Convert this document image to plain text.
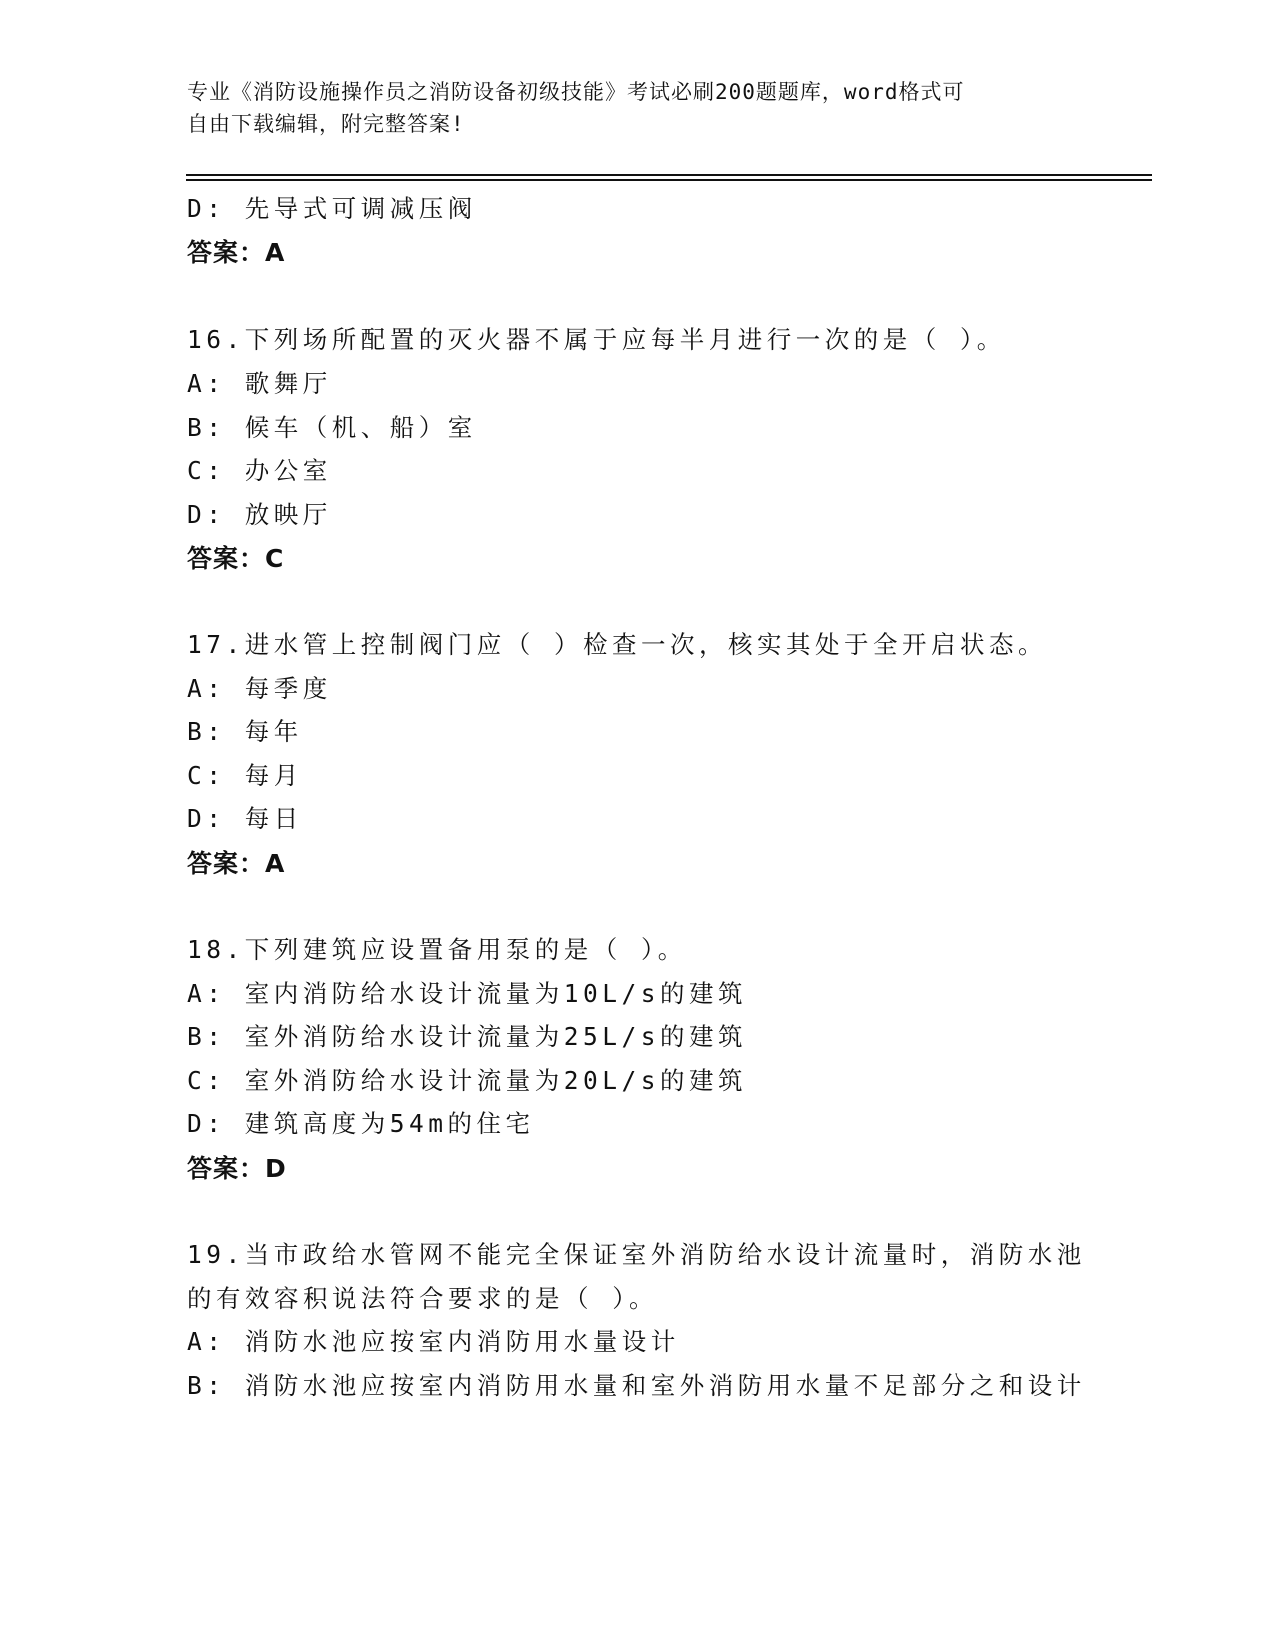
专业《消防设施操作员之消防设备初级技能》考试必刷200题题库，word格式可
自由下载编辑，附完整答案!
D: 先导式可调减压阀
答案：A
16.下列场所配置的灭火器不属于应每半月进行一次的是（ ）。
A: 歌舞厅
B: 候车（机、船）室
C: 办公室
D: 放映厅
答案：C
17.进水管上控制阀门应（ ）检查一次，核实其处于全开启状态。
A: 每季度
B: 每年
C: 每月
D: 每日
答案：A
18.下列建筑应设置备用泵的是（ ）。
A: 室内消防给水设计流量为10L/s的建筑
B: 室外消防给水设计流量为25L/s的建筑
C: 室外消防给水设计流量为20L/s的建筑
D: 建筑高度为54m的住宅
答案：D
19.当市政给水管网不能完全保证室外消防给水设计流量时，消防水池
的有效容积说法符合要求的是（ ）。
A: 消防水池应按室内消防用水量设计
B: 消防水池应按室内消防用水量和室外消防用水量不足部分之和设计
